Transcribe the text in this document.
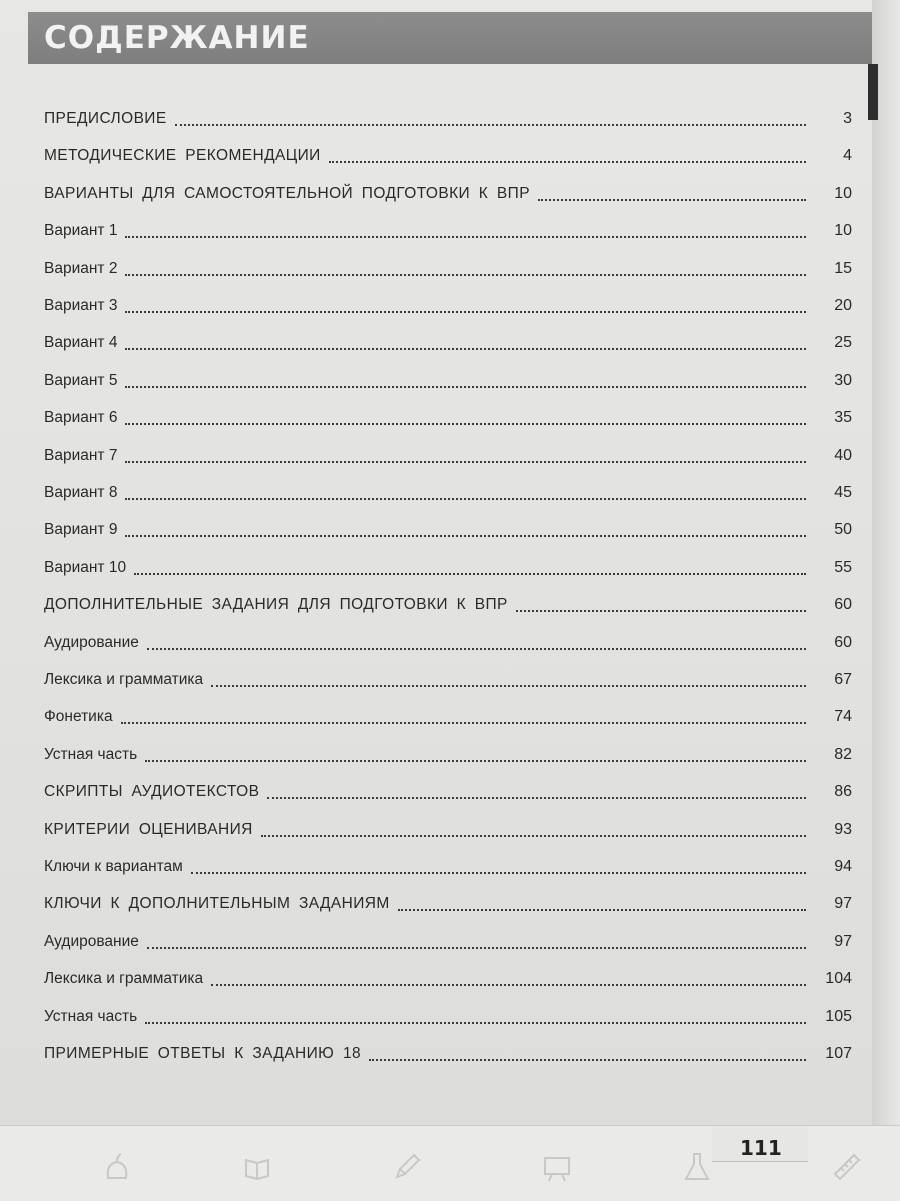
СОДЕРЖАНИЕ
ПРЕДИСЛОВИЕ	3
МЕТОДИЧЕСКИЕ РЕКОМЕНДАЦИИ	4
ВАРИАНТЫ ДЛЯ САМОСТОЯТЕЛЬНОЙ ПОДГОТОВКИ К ВПР	10
Вариант 1	10
Вариант 2	15
Вариант 3	20
Вариант 4	25
Вариант 5	30
Вариант 6	35
Вариант 7	40
Вариант 8	45
Вариант 9	50
Вариант 10	55
ДОПОЛНИТЕЛЬНЫЕ ЗАДАНИЯ ДЛЯ ПОДГОТОВКИ К ВПР	60
Аудирование	60
Лексика и грамматика	67
Фонетика	74
Устная часть	82
СКРИПТЫ АУДИОТЕКСТОВ	86
КРИТЕРИИ ОЦЕНИВАНИЯ	93
Ключи к вариантам	94
КЛЮЧИ К ДОПОЛНИТЕЛЬНЫМ ЗАДАНИЯМ	97
Аудирование	97
Лексика и грамматика	104
Устная часть	105
ПРИМЕРНЫЕ ОТВЕТЫ К ЗАДАНИЮ 18	107
111
